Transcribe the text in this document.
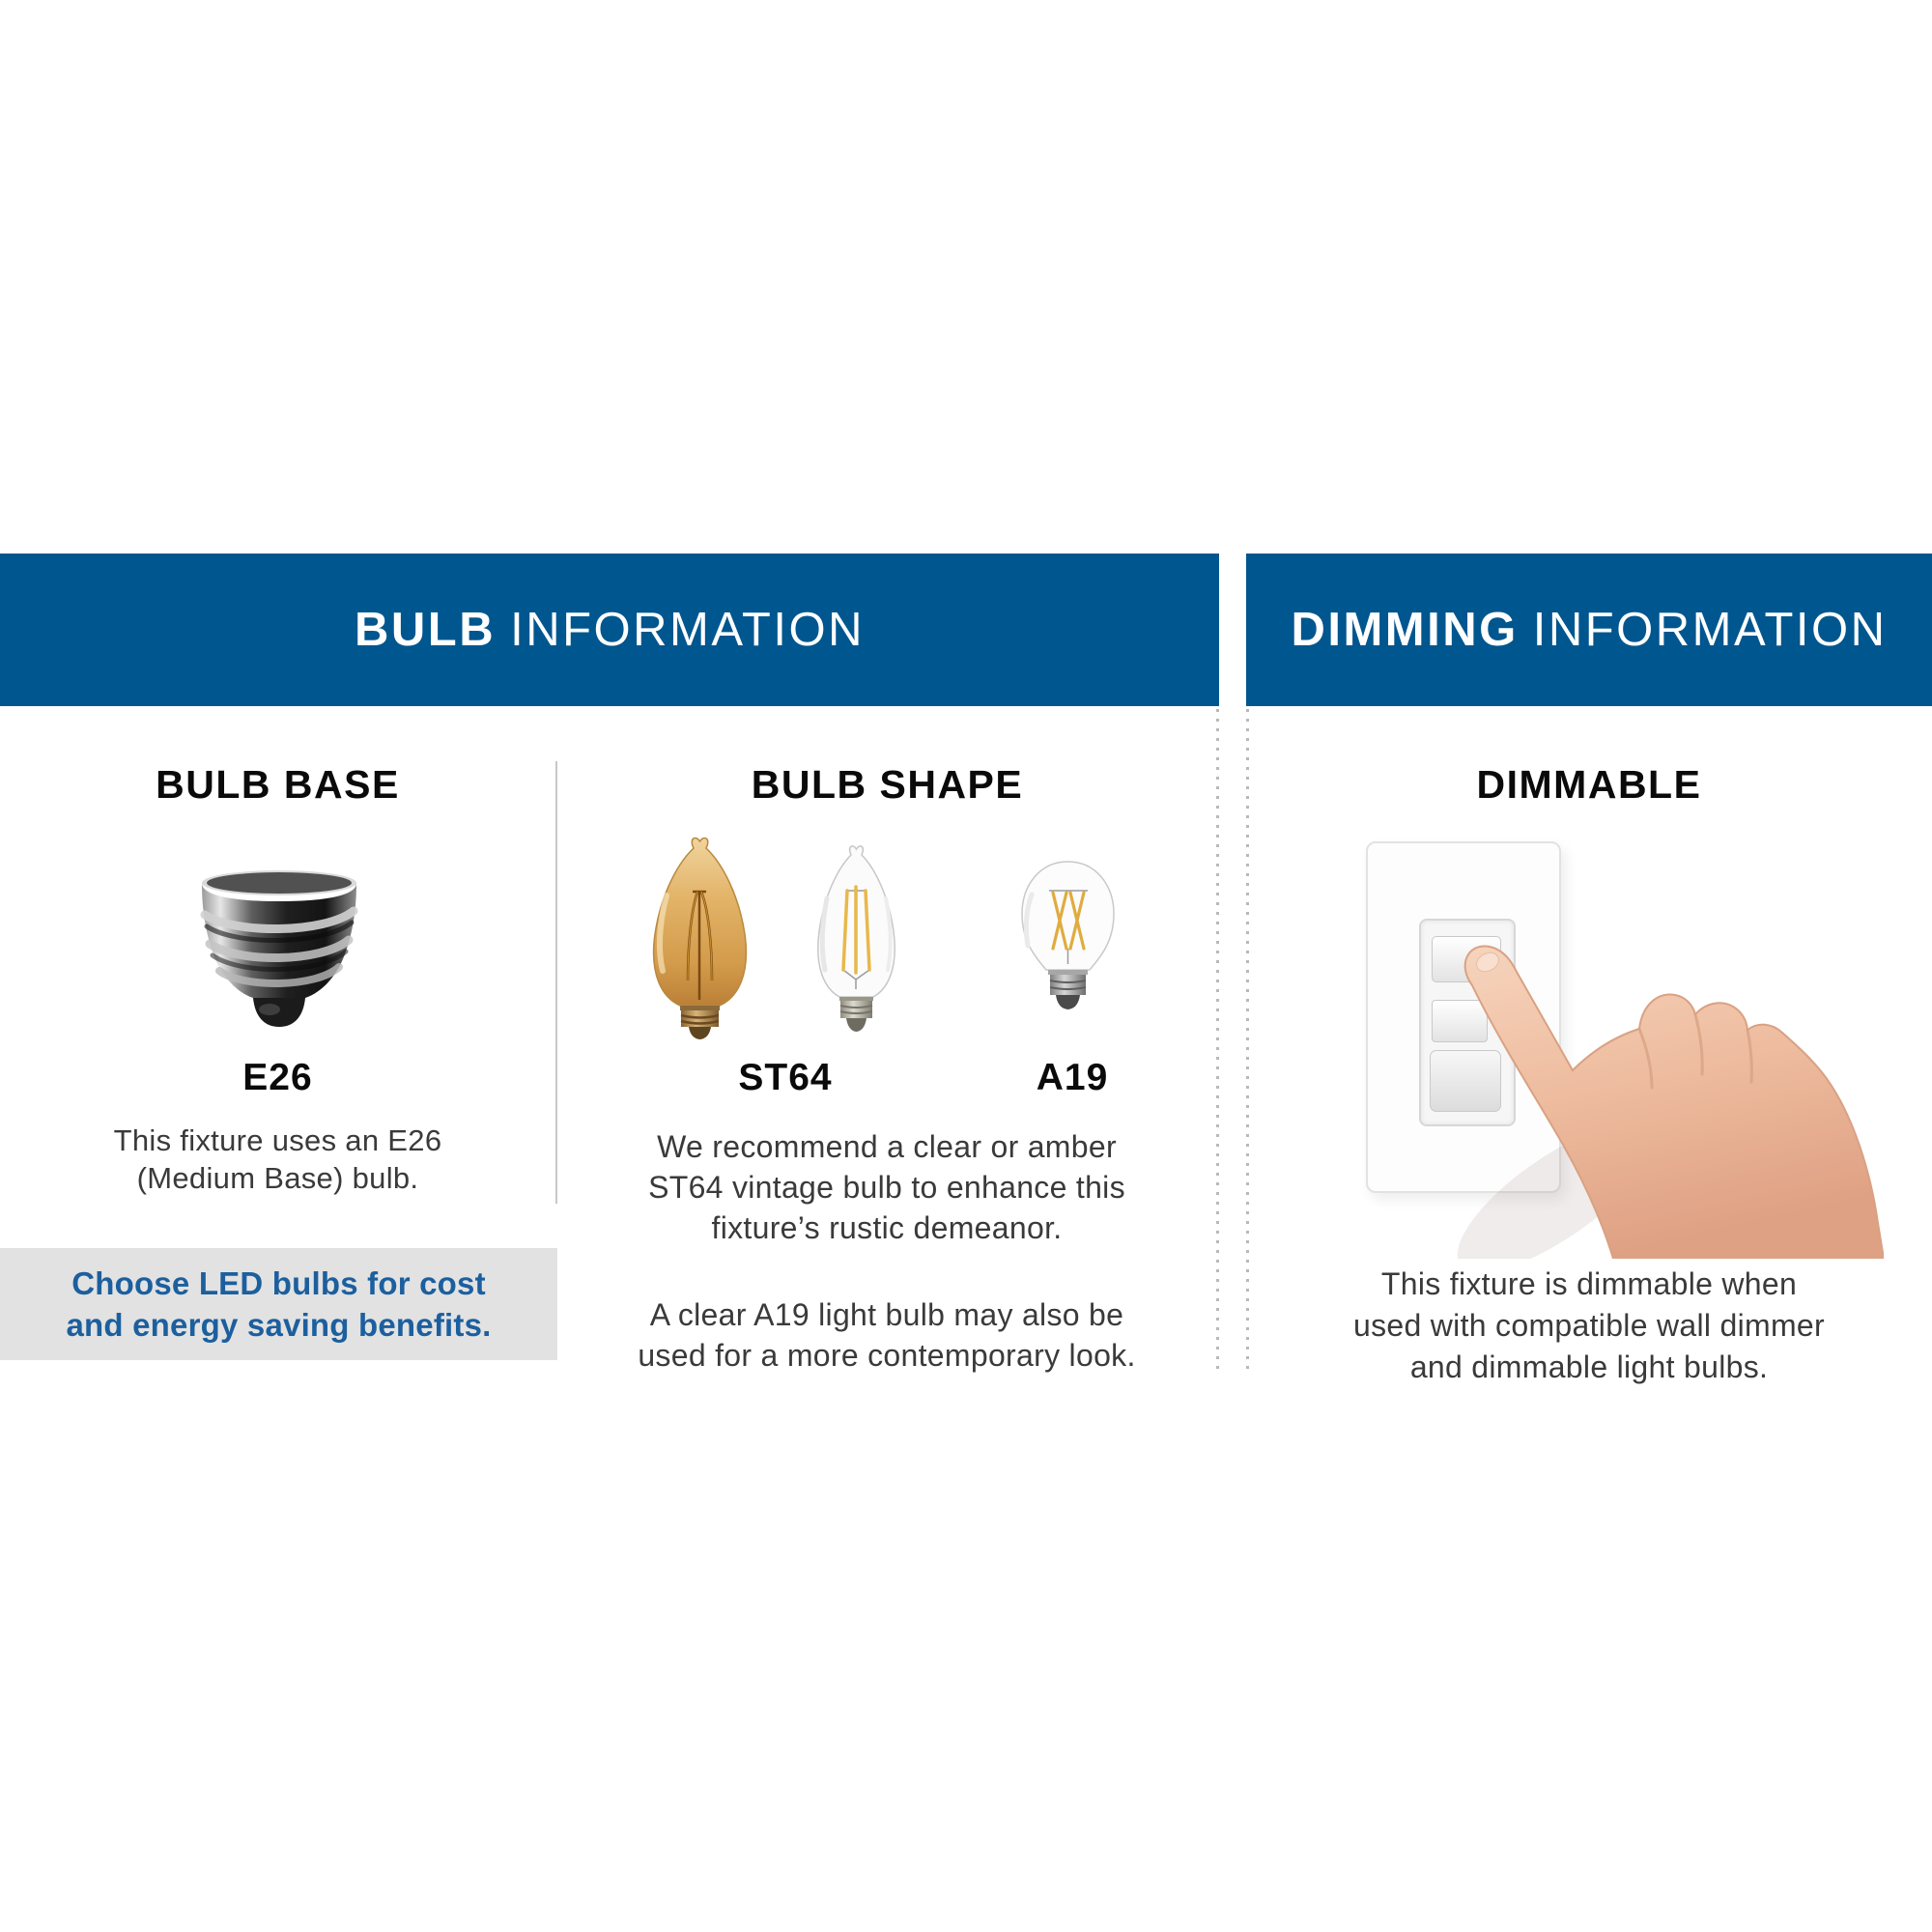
BULB INFORMATION	DIMMING INFORMATION
BULB BASE	BULB SHAPE	DIMMABLE
E26
This fixture uses an E26
(Medium Base) bulb.
Choose LED bulbs for cost
and energy saving benefits.
ST64	A19
We recommend a clear or amber
ST64 vintage bulb to enhance this
fixture’s rustic demeanor.
A clear A19 light bulb may also be
used for a more contemporary look.
This fixture is dimmable when
used with compatible wall dimmer
and dimmable light bulbs.
